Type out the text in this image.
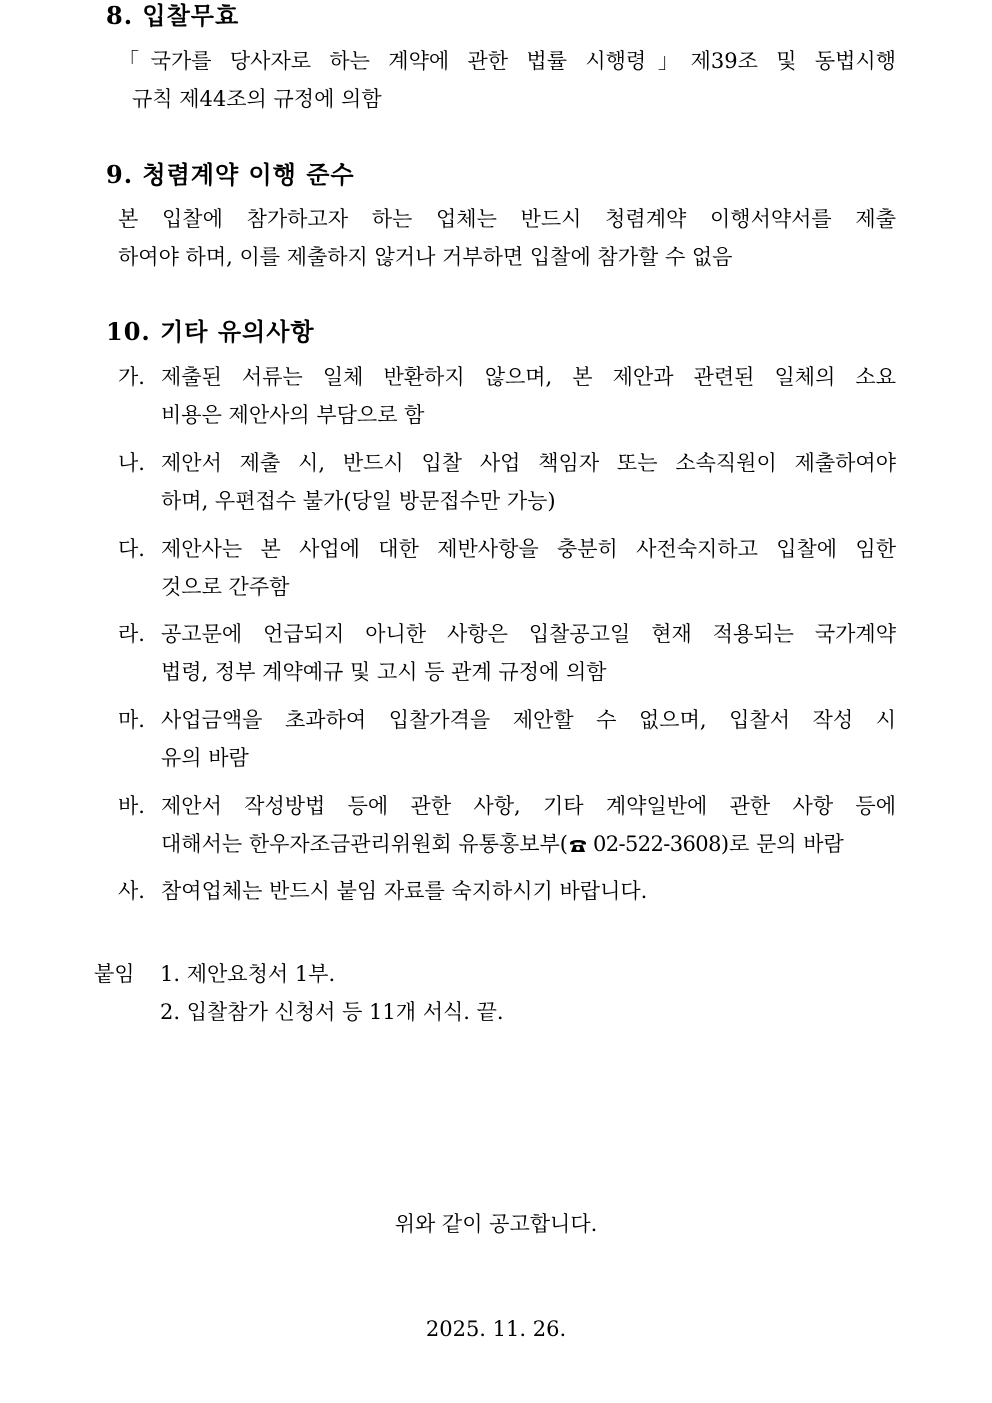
8. 입찰무효
「국가를 당사자로 하는 계약에 관한 법률 시행령」제39조 및 동법시행
규칙 제44조의 규정에 의함
9. 청렴계약 이행 준수
본 입찰에 참가하고자 하는 업체는 반드시 청렴계약 이행서약서를 제출
하여야 하며, 이를 제출하지 않거나 거부하면 입찰에 참가할 수 없음
10. 기타 유의사항
가. 제출된 서류는 일체 반환하지 않으며, 본 제안과 관련된 일체의 소요
비용은 제안사의 부담으로 함
나. 제안서 제출 시, 반드시 입찰 사업 책임자 또는 소속직원이 제출하여야
하며, 우편접수 불가(당일 방문접수만 가능)
다. 제안사는 본 사업에 대한 제반사항을 충분히 사전숙지하고 입찰에 임한
것으로 간주함
라. 공고문에 언급되지 아니한 사항은 입찰공고일 현재 적용되는 국가계약
법령, 정부 계약예규 및 고시 등 관계 규정에 의함
마. 사업금액을 초과하여 입찰가격을 제안할 수 없으며, 입찰서 작성 시
유의 바람
바. 제안서 작성방법 등에 관한 사항, 기타 계약일반에 관한 사항 등에
대해서는 한우자조금관리위원회 유통홍보부( 02-522-3608)로 문의 바람
사. 참여업체는 반드시 붙임 자료를 숙지하시기 바랍니다.
붙임 1. 제안요청서 1부.
2. 입찰참가 신청서 등 11개 서식. 끝.
위와 같이 공고합니다.
2025. 11. 26.
